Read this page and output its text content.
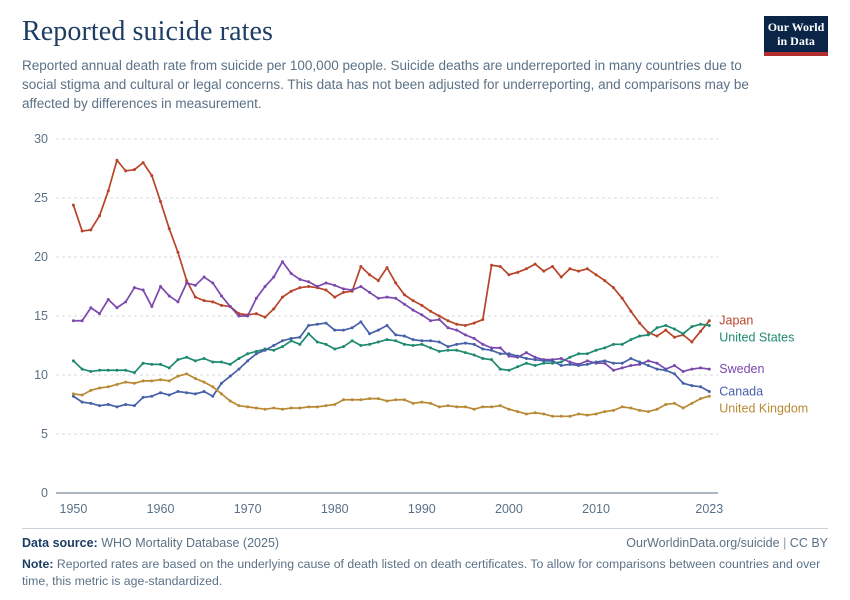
Reported suicide rates

Reported annual death rate from suicide per 100,000 people. Suicide deaths are underreported in many countries due to social stigma and cultural or legal concerns. This data has not been adjusted for underreporting, and comparisons may be affected by differences in measurement.

Our World
in Data
0
5
10
15
20
25
30
1950	1960	1970	1980	1990	2000	2010	2023
Japan
United States
Sweden
Canada
United Kingdom
Data source: WHO Mortality Database (2025)	OurWorldinData.org/suicide | CC BY
Note: Reported rates are based on the underlying cause of death listed on death certificates. To allow for comparisons between countries and over time, this metric is age-standardized.
